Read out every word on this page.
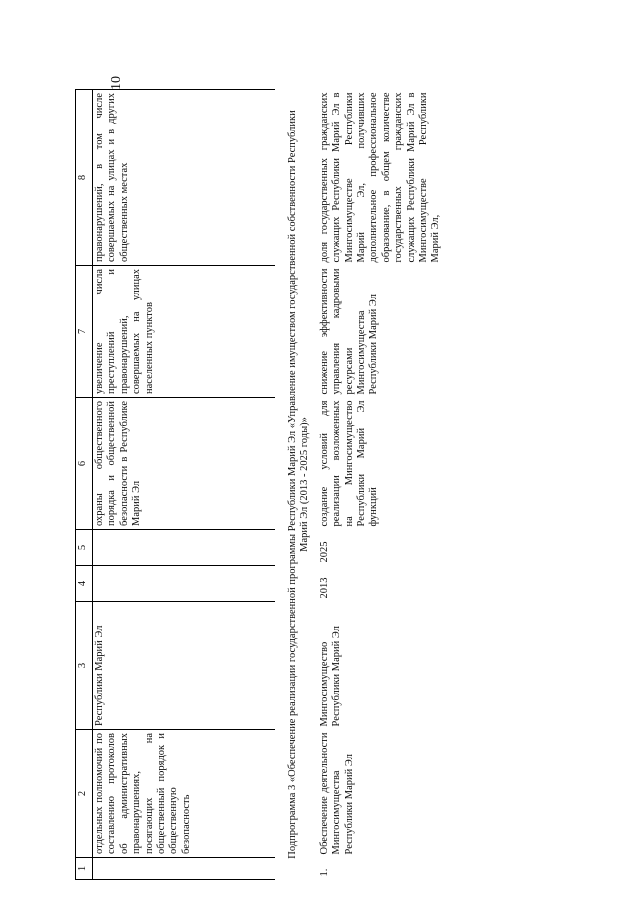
10
1	2	3	4	5	6	7	8
	отдельных полномочий по составлению протоколов об административных правонарушениях, посягающих на общественный порядок и общественную безопасность	Республики Марий Эл			охраны общественного порядка и общественной безопасности в Республике Марий Эл	увеличение числа преступлений и правонарушений, совершаемых на улицах населенных пунктов	правонарушений, в том числе совершаемых на улицах и в других общественных местах
Подпрограмма 3 «Обеспечение реализации государственной программы Республики Марий Эл «Управление имуществом государственной собственности Республики Марий Эл (2013 - 2025 годы)»							
1.	Обеспечение деятельности Мингосимущества Республики Марий Эл	Мингосимущество Республики Марий Эл	2013	2025	создание условий для реализации возложенных на Мингосимущество Республики Марий Эл функций	снижение эффективности управления кадровыми ресурсами Мингосимущества Республики Марий Эл	доля государственных гражданских служащих Республики Марий Эл в Мингосимуществе Республики Марий Эл, получивших дополнительное профессиональное образование, в общем количестве государственных гражданских служащих Республики Марий Эл в Мингосимуществе Республики Марий Эл,
